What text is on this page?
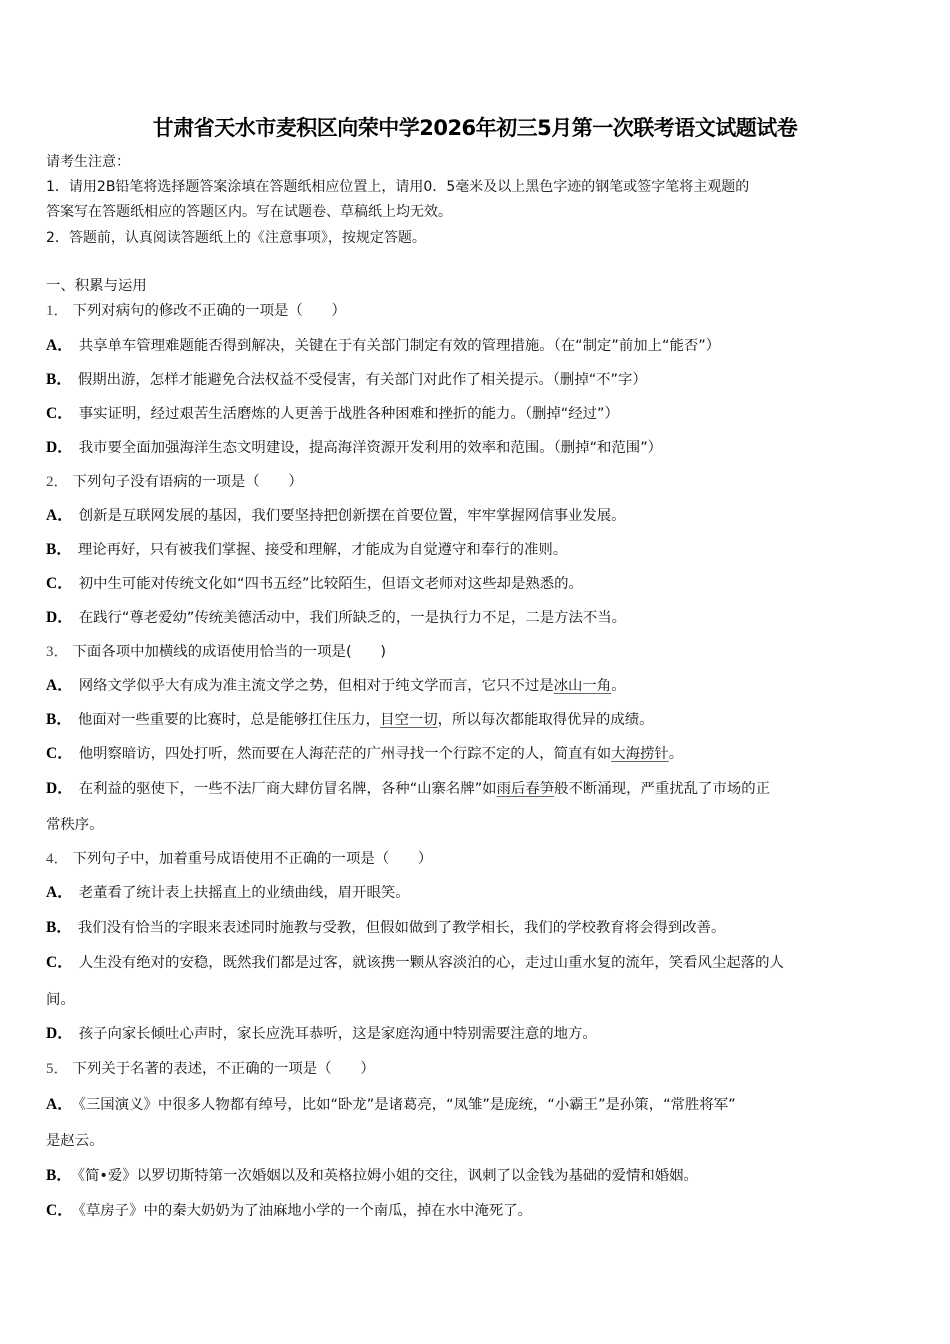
甘肃省天水市麦积区向荣中学2026年初三5月第一次联考语文试题试卷
请考生注意：
1．请用2B铅笔将选择题答案涂填在答题纸相应位置上，请用0．5毫米及以上黑色字迹的钢笔或签字笔将主观题的
答案写在答题纸相应的答题区内。写在试题卷、草稿纸上均无效。
2．答题前，认真阅读答题纸上的《注意事项》，按规定答题。
一、积累与运用
1． 下列对病句的修改不正确的一项是（　　）
A． 共享单车管理难题能否得到解决，关键在于有关部门制定有效的管理措施。（在“制定”前加上“能否”）
B． 假期出游，怎样才能避免合法权益不受侵害，有关部门对此作了相关提示。（删掉“不”字）
C． 事实证明，经过艰苦生活磨炼的人更善于战胜各种困难和挫折的能力。（删掉“经过”）
D． 我市要全面加强海洋生态文明建设，提高海洋资源开发利用的效率和范围。（删掉“和范围”）
2． 下列句子没有语病的一项是（　　）
A． 创新是互联网发展的基因，我们要坚持把创新摆在首要位置，牢牢掌握网信事业发展。
B． 理论再好，只有被我们掌握、接受和理解，才能成为自觉遵守和奉行的准则。
C． 初中生可能对传统文化如“四书五经”比较陌生，但语文老师对这些却是熟悉的。
D． 在践行“尊老爱幼”传统美德活动中，我们所缺乏的，一是执行力不足，二是方法不当。
3． 下面各项中加横线的成语使用恰当的一项是(　　)
A． 网络文学似乎大有成为准主流文学之势，但相对于纯文学而言，它只不过是冰山一角。
B． 他面对一些重要的比赛时，总是能够扛住压力，目空一切，所以每次都能取得优异的成绩。
C． 他明察暗访，四处打听，然而要在人海茫茫的广州寻找一个行踪不定的人，简直有如大海捞针。
D． 在利益的驱使下，一些不法厂商大肆仿冒名牌，各种“山寨名牌”如雨后春笋般不断涌现，严重扰乱了市场的正
常秩序。
4． 下列句子中，加着重号成语使用不正确的一项是（　　）
A． 老董看了统计表上扶摇直上的业绩曲线，眉开眼笑。
B． 我们没有恰当的字眼来表述同时施教与受教，但假如做到了教学相长，我们的学校教育将会得到改善。
C． 人生没有绝对的安稳，既然我们都是过客，就该携一颗从容淡泊的心，走过山重水复的流年，笑看风尘起落的人
间。
D． 孩子向家长倾吐心声时，家长应洗耳恭听，这是家庭沟通中特别需要注意的地方。
5． 下列关于名著的表述，不正确的一项是（　　）
A． 《三国演义》中很多人物都有绰号，比如“卧龙”是诸葛亮，“凤雏”是庞统，“小霸王”是孙策，“常胜将军”
是赵云。
B． 《简•爱》以罗切斯特第一次婚姻以及和英格拉姆小姐的交往，讽刺了以金钱为基础的爱情和婚姻。
C． 《草房子》中的秦大奶奶为了油麻地小学的一个南瓜，掉在水中淹死了。
